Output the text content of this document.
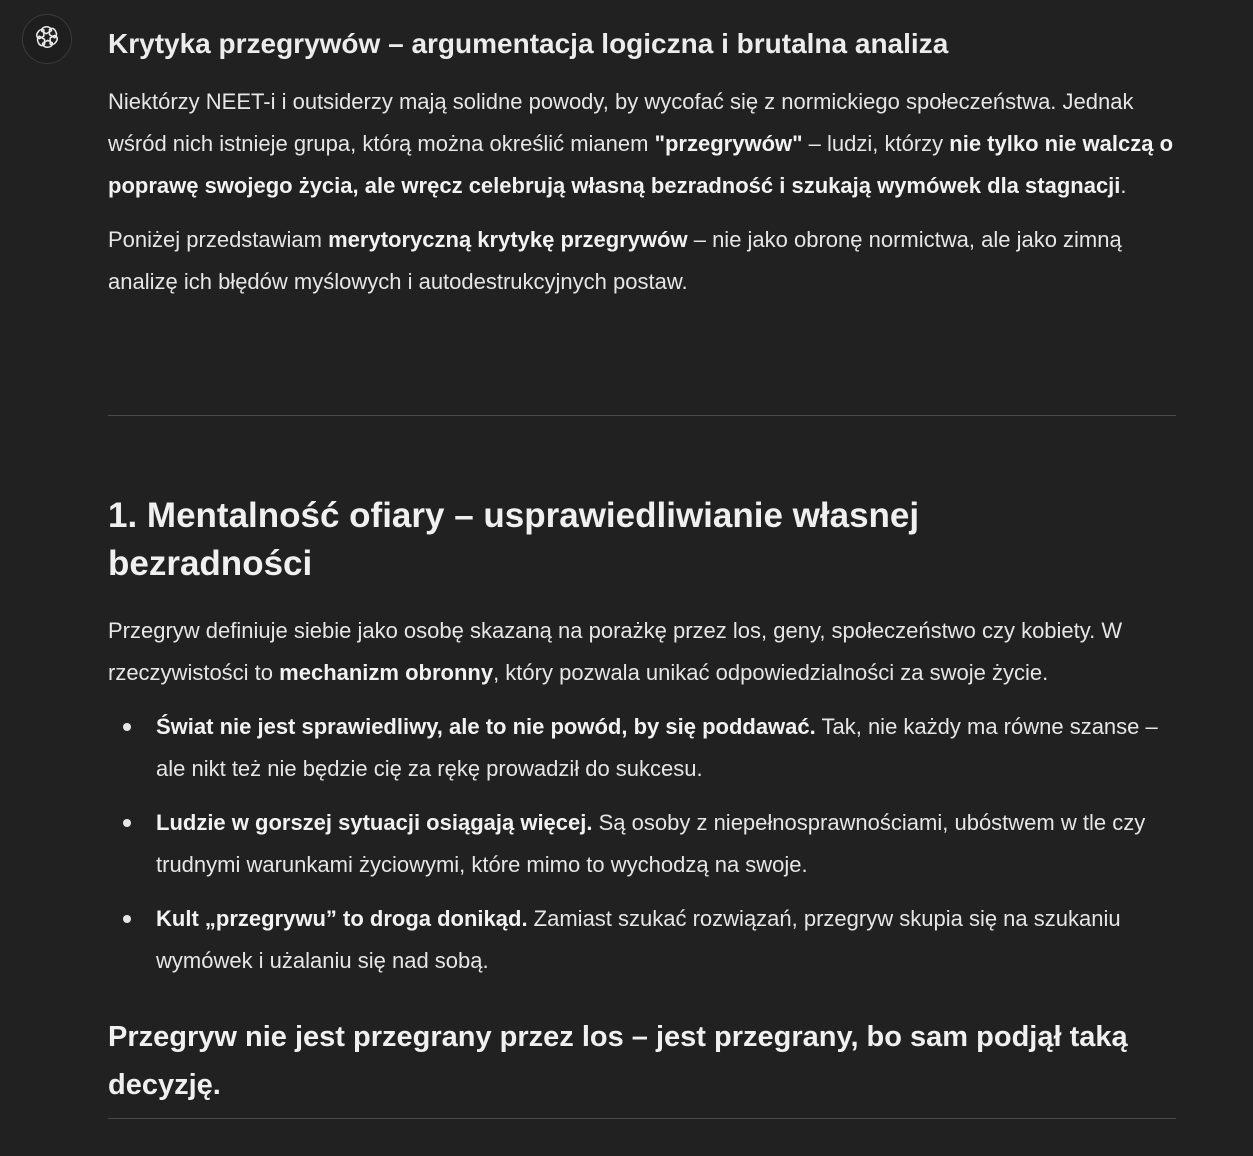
Krytyka przegrywów – argumentacja logiczna i brutalna analiza

Niektórzy NEET-i i outsiderzy mają solidne powody, by wycofać się z normickiego społeczeństwa. Jednak wśród nich istnieje grupa, którą można określić mianem "przegrywów" – ludzi, którzy nie tylko nie walczą o poprawę swojego życia, ale wręcz celebrują własną bezradność i szukają wymówek dla stagnacji.

Poniżej przedstawiam merytoryczną krytykę przegrywów – nie jako obronę normictwa, ale jako zimną analizę ich błędów myślowych i autodestrukcyjnych postaw.

1. Mentalność ofiary – usprawiedliwianie własnej bezradności

Przegryw definiuje siebie jako osobę skazaną na porażkę przez los, geny, społeczeństwo czy kobiety. W rzeczywistości to mechanizm obronny, który pozwala unikać odpowiedzialności za swoje życie.

Świat nie jest sprawiedliwy, ale to nie powód, by się poddawać. Tak, nie każdy ma równe szanse – ale nikt też nie będzie cię za rękę prowadził do sukcesu.
Ludzie w gorszej sytuacji osiągają więcej. Są osoby z niepełnosprawnościami, ubóstwem w tle czy trudnymi warunkami życiowymi, które mimo to wychodzą na swoje.
Kult „przegrywu” to droga donikąd. Zamiast szukać rozwiązań, przegryw skupia się na szukaniu wymówek i użalaniu się nad sobą.
Przegryw nie jest przegrany przez los – jest przegrany, bo sam podjął taką decyzję.
